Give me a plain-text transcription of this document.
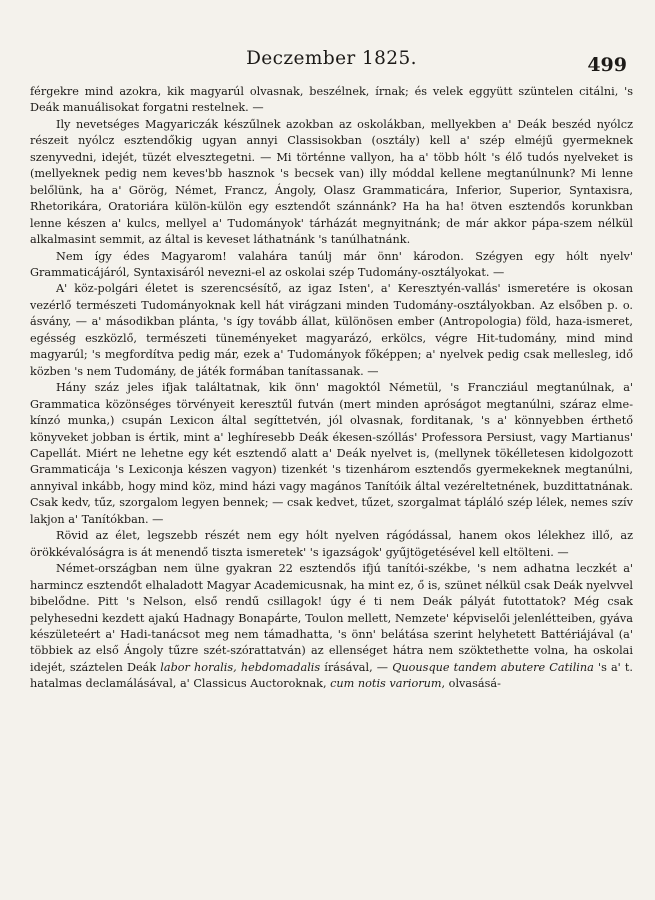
Deczember 1825.	499

férgekre mind azokra, kik magyarúl olvasnak, beszélnek, írnak; és velek eggyütt szüntelen citálni, 's Deák manuálisokat forgatni restelnek. —

Ily nevetséges Magyariczák készűlnek azokban az oskolákban, mellyekben a' Deák beszéd nyólcz részeit nyólcz esztendőkig ugyan annyi Classisokban (osztály) kell a' szép elméjű gyermeknek szenyvedni, idejét, tüzét elvesztegetni. — Mi történne vallyon, ha a' több hólt 's élő tudós nyelveket is (mellyeknek pedig nem keves'bb hasznok 's becsek van) illy móddal kellene megtanúlnunk? Mi lenne belőlünk, ha a' Görög, Német, Francz, Ángoly, Olasz Grammaticára, Inferior, Superior, Syntaxisra, Rhetorikára, Oratoriára külön-külön egy esztendőt szánnánk? Ha ha ha! ötven esztendős korunkban lenne készen a' kulcs, mellyel a' Tudományok' tárházát megnyitnánk; de már akkor pápa-szem nélkül alkalmasint semmit, az által is keveset láthatnánk 's tanúlhatnánk.

Nem így édes Magyarom! valahára tanúlj már önn' károdon. Szégyen egy hólt nyelv' Grammaticájáról, Syntaxisáról nevezni-el az oskolai szép Tudomány-osztályokat. —

A' köz-polgári életet is szerencsésítő, az igaz Isten', a' Keresztyén-vallás' ismeretére is okosan vezérlő természeti Tudományoknak kell hát virágzani minden Tudomány-osztályokban. Az elsőben p. o. ásvány, — a' másodikban plánta, 's így tovább állat, különösen ember (Antropologia) föld, haza-ismeret, egésség eszközlő, természeti tüneményeket magyarázó, erkölcs, végre Hit-tudomány, mind mind magyarúl; 's megfordítva pedig már, ezek a' Tudományok főképpen; a' nyelvek pedig csak mellesleg, idő közben 's nem Tudomány, de játék formában tanítassanak. —

Hány száz jeles ifjak találtatnak, kik önn' magoktól Németül, 's Francziául megtanúlnak, a' Grammatica közönséges törvényeit keresztűl futván (mert minden apróságot megtanúlni, száraz elme-kínzó munka,) csupán Lexicon által segíttetvén, jól olvasnak, forditanak, 's a' könnyebben érthető könyveket jobban is értik, mint a' leghíresebb Deák ékesen-szóllás' Professora Persiust, vagy Martianus' Capellát. Miért ne lehetne egy két esztendő alatt a' Deák nyelvet is, (mellynek tökélletesen kidolgozott Grammaticája 's Lexiconja készen vagyon) tizenkét 's tizenhárom esztendős gyermekeknek megtanúlni, annyival inkább, hogy mind köz, mind házi vagy magános Tanítóik által vezéreltetnének, buzdittatnának. Csak kedv, tűz, szorgalom legyen bennek; — csak kedvet, tűzet, szorgalmat tápláló szép lélek, nemes szív lakjon a' Tanítókban. —

Rövid az élet, legszebb részét nem egy hólt nyelven rágódással, hanem okos lélekhez illő, az örökkévalóságra is át menendő tiszta ismeretek' 's igazságok' gyűjtögetésével kell eltölteni. —

Német-országban nem ülne gyakran 22 esztendős ifjú tanítói-székbe, 's nem adhatna leczkét a' harmincz esztendőt elhaladott Magyar Academicusnak, ha mint ez, ő is, szünet nélkül csak Deák nyelvvel bibelődne. Pitt 's Nelson, első rendű csillagok! úgy é ti nem Deák pályát futottatok? Még csak pelyhesedni kezdett ajakú Hadnagy Bonapárte, Toulon mellett, Nemzete' képviselői jelenlétteiben, gyáva készületeért a' Hadi-tanácsot meg nem támadhatta, 's önn' belátása szerint helyhetett Battériájával (a' többiek az első Ángoly tűzre szét-szórattatván) az ellenséget hátra nem szöktethette volna, ha oskolai idejét, száztelen Deák labor horalis, hebdomadalis írásával, — Quousque tandem abutere Catilina 's a' t. hatalmas declamálásával, a' Classicus Auctoroknak, cum notis variorum, olvasásá-
